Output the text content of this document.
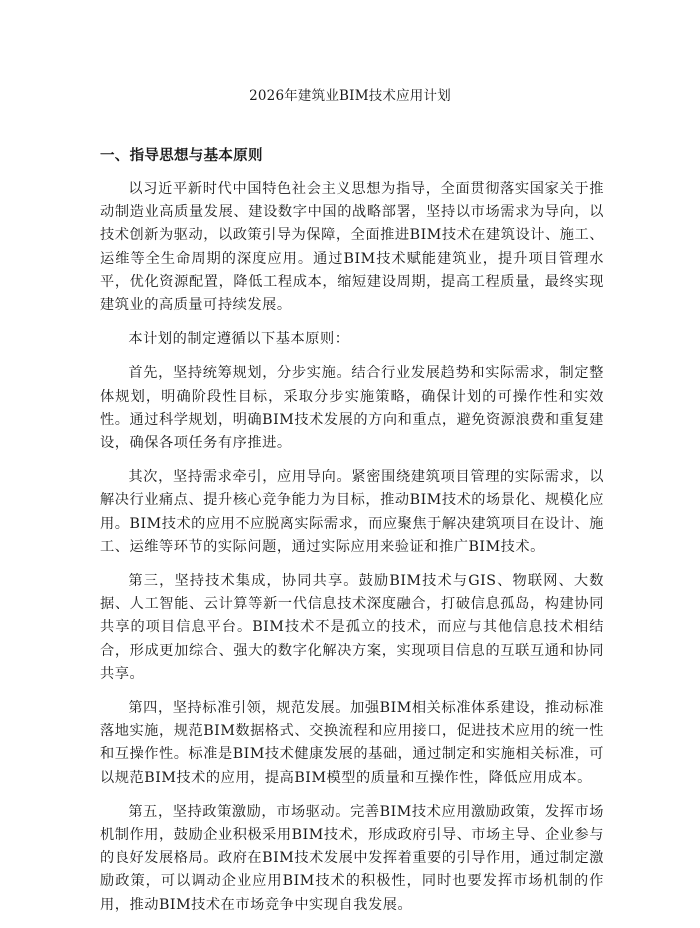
2026年建筑业BIM技术应用计划
一、指导思想与基本原则

以习近平新时代中国特色社会主义思想为指导，全面贯彻落实国家关于推动制造业高质量发展、建设数字中国的战略部署，坚持以市场需求为导向，以技术创新为驱动，以政策引导为保障，全面推进BIM技术在建筑设计、施工、运维等全生命周期的深度应用。通过BIM技术赋能建筑业，提升项目管理水平，优化资源配置，降低工程成本，缩短建设周期，提高工程质量，最终实现建筑业的高质量可持续发展。

本计划的制定遵循以下基本原则：

首先，坚持统筹规划，分步实施。结合行业发展趋势和实际需求，制定整体规划，明确阶段性目标，采取分步实施策略，确保计划的可操作性和实效性。通过科学规划，明确BIM技术发展的方向和重点，避免资源浪费和重复建设，确保各项任务有序推进。

其次，坚持需求牵引，应用导向。紧密围绕建筑项目管理的实际需求，以解决行业痛点、提升核心竞争能力为目标，推动BIM技术的场景化、规模化应用。BIM技术的应用不应脱离实际需求，而应聚焦于解决建筑项目在设计、施工、运维等环节的实际问题，通过实际应用来验证和推广BIM技术。

第三，坚持技术集成，协同共享。鼓励BIM技术与GIS、物联网、大数据、人工智能、云计算等新一代信息技术深度融合，打破信息孤岛，构建协同共享的项目信息平台。BIM技术不是孤立的技术，而应与其他信息技术相结合，形成更加综合、强大的数字化解决方案，实现项目信息的互联互通和协同共享。

第四，坚持标准引领，规范发展。加强BIM相关标准体系建设，推动标准落地实施，规范BIM数据格式、交换流程和应用接口，促进技术应用的统一性和互操作性。标准是BIM技术健康发展的基础，通过制定和实施相关标准，可以规范BIM技术的应用，提高BIM模型的质量和互操作性，降低应用成本。

第五，坚持政策激励，市场驱动。完善BIM技术应用激励政策，发挥市场机制作用，鼓励企业积极采用BIM技术，形成政府引导、市场主导、企业参与的良好发展格局。政府在BIM技术发展中发挥着重要的引导作用，通过制定激励政策，可以调动企业应用BIM技术的积极性，同时也要发挥市场机制的作用，推动BIM技术在市场竞争中实现自我发展。
